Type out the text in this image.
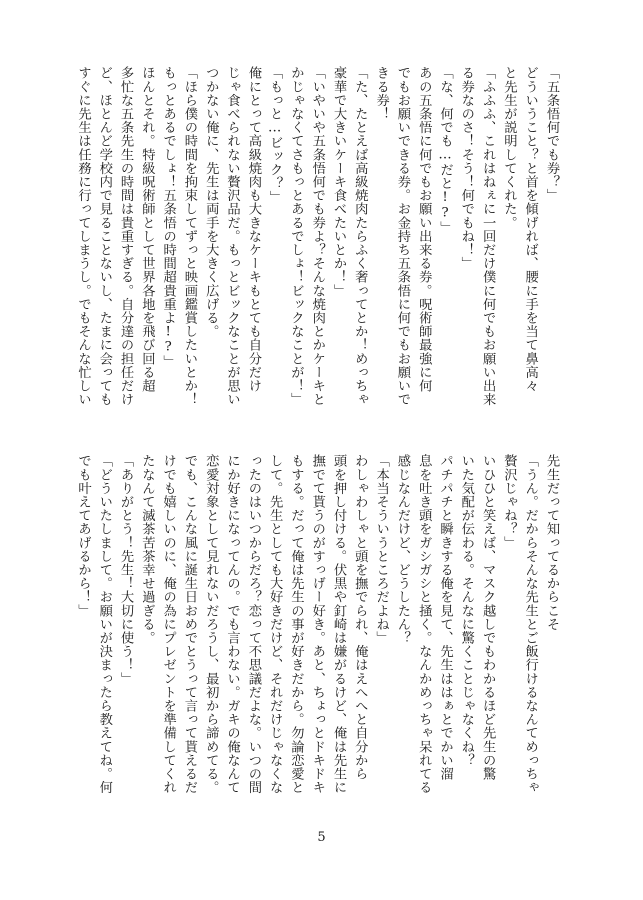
「五条悟何でも券？」
どういうこと？と首を傾げれば、腰に手を当て鼻高々
と先生が説明してくれた。
「ふふふ、これはねぇに一回だけ僕に何でもお願い出来
る券なのさ！そう！何でもね！」
「な、何でも…だと!?」
あの五条悟に何でもお願い出来る券。呪術師最強に何
でもお願いできる券。お金持ち五条悟に何でもお願いで
きる券！
「た、たとえば高級焼肉たらふく奢ってとか！めっちゃ
豪華で大きいケーキ食べたいとか！」
「いやいや五条悟何でも券よ？そんな焼肉とかケーキと
かじゃなくてさもっとあるでしょ！ビックなことが！」
「もっと…ビック？」
俺にとって高級焼肉も大きなケーキもとても自分だけ
じゃ食べられない贅沢品だ。もっとビックなことが思い
つかない俺に、先生は両手を大きく広げる。
「ほら僕の時間を拘束してずっと映画鑑賞したいとか！
もっとあるでしょ！五条悟の時間超貴重よ!?」
ほんとそれ。特級呪術師として世界各地を飛び回る超
多忙な五条先生の時間は貴重すぎる。自分達の担任だけ
ど、ほとんど学校内で見ることないし、たまに会っても
すぐに先生は任務に行ってしまうし。でもそんな忙しい
先生だって知ってるからこそ
「うん。だからそんな先生とご飯行けるなんてめっちゃ
贅沢じゃね？」
いひひと笑えば、マスク越しでもわかるほど先生の驚
いた気配が伝わる。そんなに驚くことじゃなくね？
パチパチと瞬きする俺を見て、先生ははぁとでかい溜
息を吐き頭をガシガシと掻く。なんかめっちゃ呆れてる
感じなんだけど、どうしたん？
「本当そういうところだよね」
わしゃわしゃと頭を撫でられ、俺はえへへと自分から
頭を押し付ける。伏黒や釘崎は嫌がるけど、俺は先生に
撫でて貰うのがすっげー好き。あと、ちょっとドキドキ
もする。だって俺は先生の事が好きだから。勿論恋愛と
して。先生としても大好きだけど、それだけじゃなくな
ったのはいつからだろ？恋って不思議だよな。いつの間
にか好きになってんの。でも言わない。ガキの俺なんて
恋愛対象として見れないだろうし、最初から諦めてる。
でも、こんな風に誕生日おめでとうって言って貰えるだ
けでも嬉しいのに、俺の為にプレゼントを準備してくれ
たなんて滅茶苦茶幸せ過ぎる。
「ありがとう！先生！大切に使う！」
「どういたしまして。お願いが決まったら教えてね。何
でも叶えてあげるから！」
5
